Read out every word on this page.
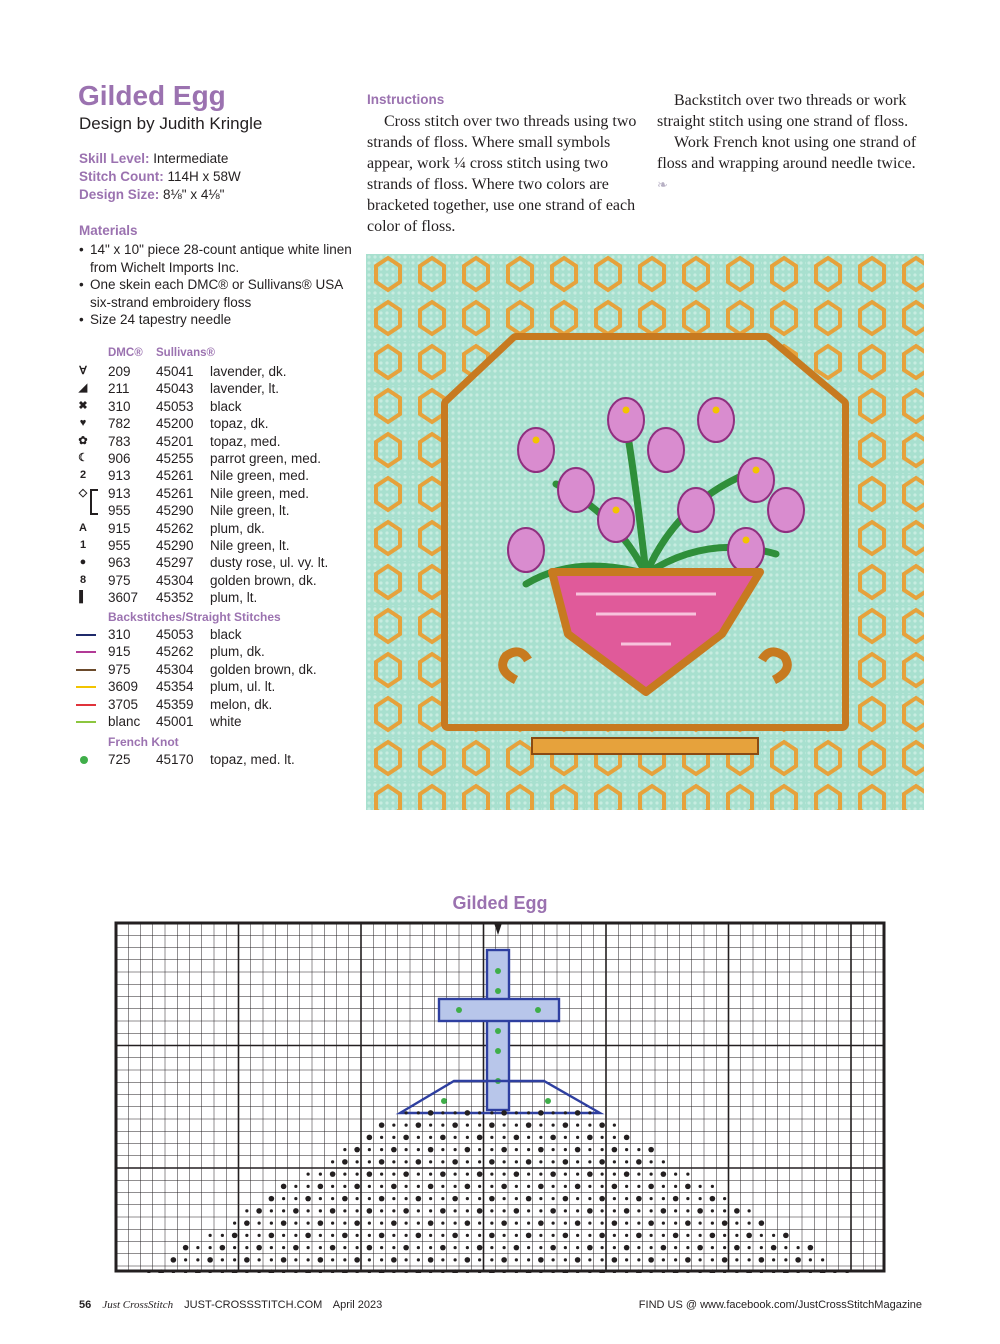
Gilded Egg
Design by Judith Kringle
Skill Level: Intermediate
Stitch Count: 114H x 58W
Design Size: 8⅛" x 4⅛"
Materials
• 14" x 10" piece 28-count antique white linen from Wichelt Imports Inc.
• One skein each DMC® or Sullivans® USA six-strand embroidery floss
• Size 24 tapestry needle
DMC® Sullivans®
Ɐ 209 45041 lavender, dk.
◢ 211 45043 lavender, lt.
✖ 310 45053 black
♥ 782 45200 topaz, dk.
✿ 783 45201 topaz, med.
☾ 906 45255 parrot green, med.
2 913 45261 Nile green, med.
◇ 913 45261 Nile green, med.
955 45290 Nile green, lt.
A 915 45262 plum, dk.
1 955 45290 Nile green, lt.
● 963 45297 dusty rose, ul. vy. lt.
8 975 45304 golden brown, dk.
▌ 3607 45352 plum, lt.
Backstitches/Straight Stitches
310 45053 black
915 45262 plum, dk.
975 45304 golden brown, dk.
3609 45354 plum, ul. lt.
3705 45359 melon, dk.
blanc 45001 white
French Knot
725 45170 topaz, med. lt.
Instructions

Cross stitch over two threads using two strands of floss. Where small symbols appear, work ¼ cross stitch using two strands of floss. Where two colors are bracketed together, use one strand of each color of floss.

Backstitch over two threads or work straight stitch using one strand of floss.

Work French knot using one strand of floss and wrapping around needle twice. ❧

Gilded Egg
56 Just CrossStitch JUST-CROSSSTITCH.COM April 2023	FIND US @ www.facebook.com/JustCrossStitchMagazine
